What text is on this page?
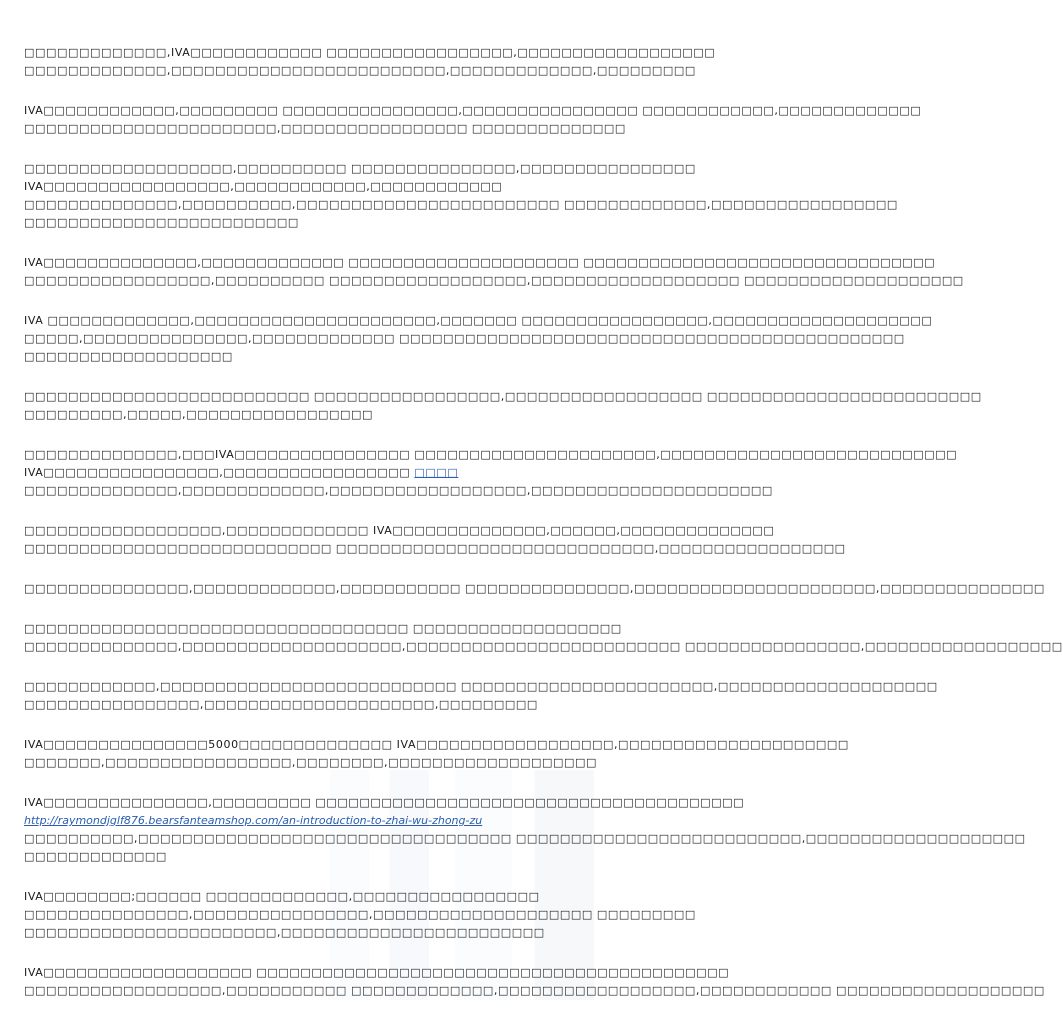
□□□□□□□□□□□□□,IVA□□□□□□□□□□□□ □□□□□□□□□□□□□□□□□,□□□□□□□□□□□□□□□□□□
□□□□□□□□□□□□□,□□□□□□□□□□□□□□□□□□□□□□□□□,□□□□□□□□□□□□□,□□□□□□□□□
IVA□□□□□□□□□□□□,□□□□□□□□□ □□□□□□□□□□□□□□□□,□□□□□□□□□□□□□□□□ □□□□□□□□□□□□,□□□□□□□□□□□□□
□□□□□□□□□□□□□□□□□□□□□□□,□□□□□□□□□□□□□□□□□ □□□□□□□□□□□□□□
□□□□□□□□□□□□□□□□□□□,□□□□□□□□□□ □□□□□□□□□□□□□□□,□□□□□□□□□□□□□□□□
IVA□□□□□□□□□□□□□□□□□,□□□□□□□□□□□□,□□□□□□□□□□□□
□□□□□□□□□□□□□□,□□□□□□□□□□,□□□□□□□□□□□□□□□□□□□□□□□□ □□□□□□□□□□□□□,□□□□□□□□□□□□□□□□□
□□□□□□□□□□□□□□□□□□□□□□□□□
IVA□□□□□□□□□□□□□□,□□□□□□□□□□□□□ □□□□□□□□□□□□□□□□□□□□□ □□□□□□□□□□□□□□□□□□□□□□□□□□□□□□□□
□□□□□□□□□□□□□□□□□,□□□□□□□□□□ □□□□□□□□□□□□□□□□□□,□□□□□□□□□□□□□□□□□□□ □□□□□□□□□□□□□□□□□□□□
IVA □□□□□□□□□□□□□,□□□□□□□□□□□□□□□□□□□□□□,□□□□□□□ □□□□□□□□□□□□□□□□□,□□□□□□□□□□□□□□□□□□□□
□□□□□,□□□□□□□□□□□□□□□,□□□□□□□□□□□□□ □□□□□□□□□□□□□□□□□□□□□□□□□□□□□□□□□□□□□□□□□□□□□□
□□□□□□□□□□□□□□□□□□□
□□□□□□□□□□□□□□□□□□□□□□□□□□ □□□□□□□□□□□□□□□□□,□□□□□□□□□□□□□□□□□□ □□□□□□□□□□□□□□□□□□□□□□□□□
□□□□□□□□□,□□□□□,□□□□□□□□□□□□□□□□□
□□□□□□□□□□□□□□,□□□IVA□□□□□□□□□□□□□□□□ □□□□□□□□□□□□□□□□□□□□□□,□□□□□□□□□□□□□□□□□□□□□□□□□□□
IVA□□□□□□□□□□□□□□□□,□□□□□□□□□□□□□□□□□ □□□□
□□□□□□□□□□□□□□,□□□□□□□□□□□□□,□□□□□□□□□□□□□□□□□□,□□□□□□□□□□□□□□□□□□□□□□
□□□□□□□□□□□□□□□□□□,□□□□□□□□□□□□□ IVA□□□□□□□□□□□□□□,□□□□□□,□□□□□□□□□□□□□□
□□□□□□□□□□□□□□□□□□□□□□□□□□□□ □□□□□□□□□□□□□□□□□□□□□□□□□□□□□,□□□□□□□□□□□□□□□□□
□□□□□□□□□□□□□□□,□□□□□□□□□□□□□,□□□□□□□□□□□ □□□□□□□□□□□□□□□,□□□□□□□□□□□□□□□□□□□□□□,□□□□□□□□□□□□□□□
□□□□□□□□□□□□□□□□□□□□□□□□□□□□□□□□□□□ □□□□□□□□□□□□□□□□□□□
□□□□□□□□□□□□□□,□□□□□□□□□□□□□□□□□□□□,□□□□□□□□□□□□□□□□□□□□□□□□□ □□□□□□□□□□□□□□□□,□□□□□□□□□□□□□□□□□□
□□□□□□□□□□□□,□□□□□□□□□□□□□□□□□□□□□□□□□□□ □□□□□□□□□□□□□□□□□□□□□□□,□□□□□□□□□□□□□□□□□□□□
□□□□□□□□□□□□□□□□,□□□□□□□□□□□□□□□□□□□□□,□□□□□□□□□
IVA□□□□□□□□□□□□□□□5000□□□□□□□□□□□□□□ IVA□□□□□□□□□□□□□□□□□□,□□□□□□□□□□□□□□□□□□□□□
□□□□□□□,□□□□□□□□□□□□□□□□□,□□□□□□□□,□□□□□□□□□□□□□□□□□□□
IVA□□□□□□□□□□□□□□□,□□□□□□□□□ □□□□□□□□□□□□□□□□□□□□□□□□□□□□□□□□□□□□□□□
http://raymondjglf876.bearsfanteamshop.com/an-introduction-to-zhai-wu-zhong-zu
□□□□□□□□□□,□□□□□□□□□□□□□□□□□□□□□□□□□□□□□□□□□□ □□□□□□□□□□□□□□□□□□□□□□□□□□,□□□□□□□□□□□□□□□□□□□□
□□□□□□□□□□□□□
IVA□□□□□□□□;□□□□□□ □□□□□□□□□□□□□,□□□□□□□□□□□□□□□□□
□□□□□□□□□□□□□□□,□□□□□□□□□□□□□□□□,□□□□□□□□□□□□□□□□□□□□ □□□□□□□□□
□□□□□□□□□□□□□□□□□□□□□□□,□□□□□□□□□□□□□□□□□□□□□□□□
IVA□□□□□□□□□□□□□□□□□□□ □□□□□□□□□□□□□□□□□□□□□□□□□□□□□□□□□□□□□□□□□□□
□□□□□□□□□□□□□□□□□□,□□□□□□□□□□□ □□□□□□□□□□□□□,□□□□□□□□□□□□□□□□□□,□□□□□□□□□□□□ □□□□□□□□□□□□□□□□□□□
